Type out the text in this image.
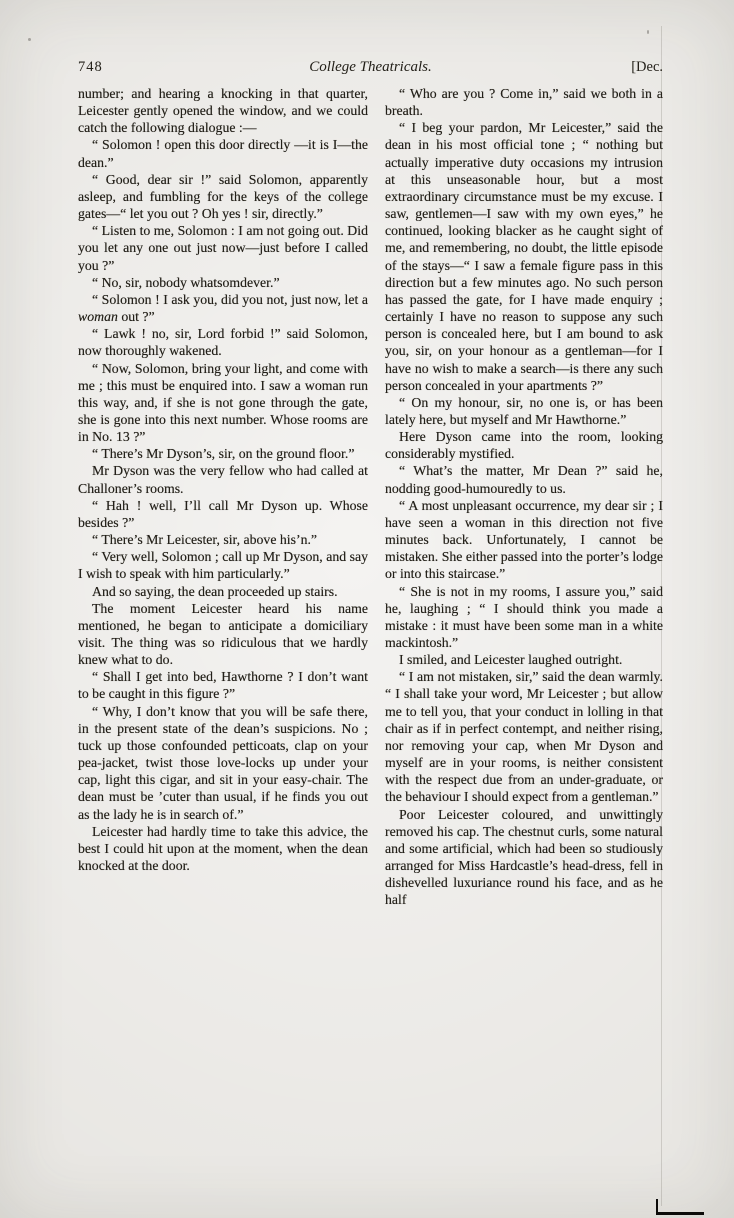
748	College Theatricals.	[Dec.

number; and hearing a knocking in that quarter, Leicester gently opened the window, and we could catch the following dialogue :—

“ Solomon ! open this door directly —it is I—the dean.”

“ Good, dear sir !” said Solomon, apparently asleep, and fumbling for the keys of the college gates—“ let you out ? Oh yes ! sir, directly.”

“ Listen to me, Solomon : I am not going out. Did you let any one out just now—just before I called you ?”

“ No, sir, nobody whatsomdever.”

“ Solomon ! I ask you, did you not, just now, let a woman out ?”

“ Lawk ! no, sir, Lord forbid !” said Solomon, now thoroughly wakened.

“ Now, Solomon, bring your light, and come with me ; this must be enquired into. I saw a woman run this way, and, if she is not gone through the gate, she is gone into this next number. Whose rooms are in No. 13 ?”

“ There’s Mr Dyson’s, sir, on the ground floor.”

Mr Dyson was the very fellow who had called at Challoner’s rooms.

“ Hah ! well, I’ll call Mr Dyson up. Whose besides ?”

“ There’s Mr Leicester, sir, above his’n.”

“ Very well, Solomon ; call up Mr Dyson, and say I wish to speak with him particularly.”

And so saying, the dean proceeded up stairs.

The moment Leicester heard his name mentioned, he began to anticipate a domiciliary visit. The thing was so ridiculous that we hardly knew what to do.

“ Shall I get into bed, Hawthorne ? I don’t want to be caught in this figure ?”

“ Why, I don’t know that you will be safe there, in the present state of the dean’s suspicions. No ; tuck up those confounded petticoats, clap on your pea-jacket, twist those love-locks up under your cap, light this cigar, and sit in your easy-chair. The dean must be ’cuter than usual, if he finds you out as the lady he is in search of.”

Leicester had hardly time to take this advice, the best I could hit upon at the moment, when the dean knocked at the door.

“ Who are you ? Come in,” said we both in a breath.

“ I beg your pardon, Mr Leicester,” said the dean in his most official tone ; “ nothing but actually imperative duty occasions my intrusion at this unseasonable hour, but a most extraordinary circumstance must be my excuse. I saw, gentlemen—I saw with my own eyes,” he continued, looking blacker as he caught sight of me, and remembering, no doubt, the little episode of the stays—“ I saw a female figure pass in this direction but a few minutes ago. No such person has passed the gate, for I have made enquiry ; certainly I have no reason to suppose any such person is concealed here, but I am bound to ask you, sir, on your honour as a gentleman—for I have no wish to make a search—is there any such person concealed in your apartments ?”

“ On my honour, sir, no one is, or has been lately here, but myself and Mr Hawthorne.”

Here Dyson came into the room, looking considerably mystified.

“ What’s the matter, Mr Dean ?” said he, nodding good-humouredly to us.

“ A most unpleasant occurrence, my dear sir ; I have seen a woman in this direction not five minutes back. Unfortunately, I cannot be mistaken. She either passed into the porter’s lodge or into this staircase.”

“ She is not in my rooms, I assure you,” said he, laughing ; “ I should think you made a mistake : it must have been some man in a white mackintosh.”

I smiled, and Leicester laughed outright.

“ I am not mistaken, sir,” said the dean warmly. “ I shall take your word, Mr Leicester ; but allow me to tell you, that your conduct in lolling in that chair as if in perfect contempt, and neither rising, nor removing your cap, when Mr Dyson and myself are in your rooms, is neither consistent with the respect due from an under-graduate, or the behaviour I should expect from a gentleman.”

Poor Leicester coloured, and unwittingly removed his cap. The chestnut curls, some natural and some artificial, which had been so studiously arranged for Miss Hardcastle’s head-dress, fell in dishevelled luxuriance round his face, and as he half
